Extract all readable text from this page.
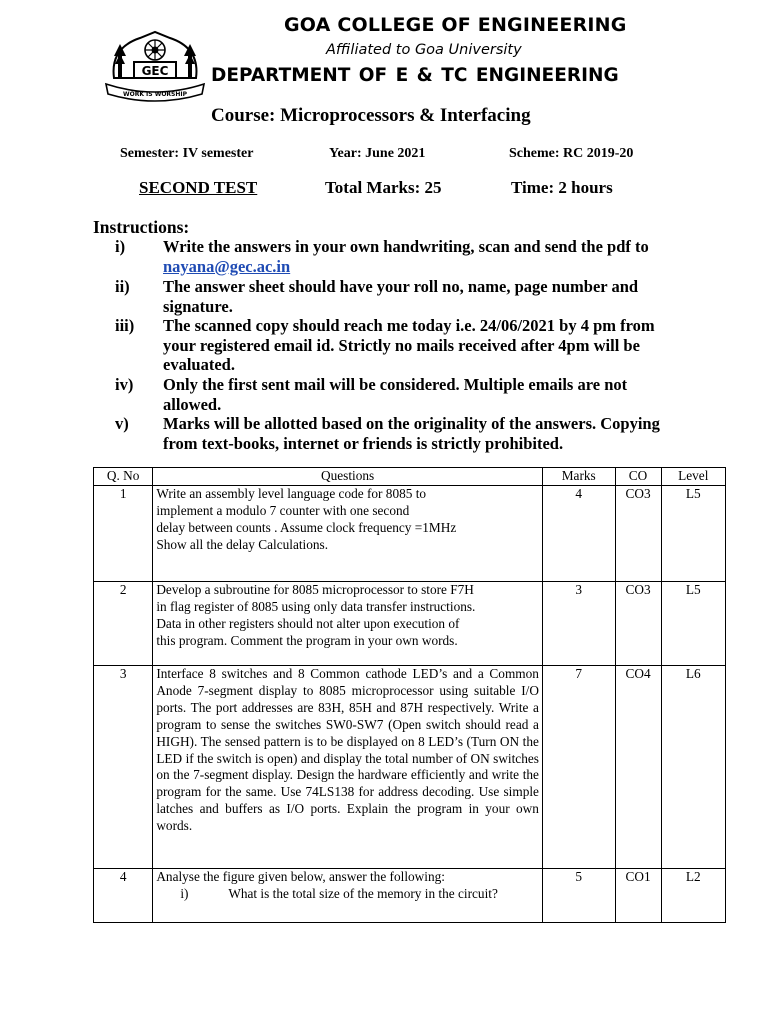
GEC
WORK IS WORSHIP
GOA COLLEGE OF ENGINEERING
Affiliated to Goa University
DEPARTMENT OF E & TC ENGINEERING
Course: Microprocessors & Interfacing
Semester: IV semester	Year: June 2021	Scheme: RC 2019-20
SECOND TEST	Total Marks: 25	Time: 2 hours
Instructions:
i)	Write the answers in your own handwriting, scan and send the pdf to nayana@gec.ac.in
ii)	The answer sheet should have your roll no, name, page number and signature.
iii)	The scanned copy should reach me today i.e. 24/06/2021 by 4 pm from your registered email id. Strictly no mails received after 4pm will be evaluated.
iv)	Only the first sent mail will be considered. Multiple emails are not allowed.
v)	Marks will be allotted based on the originality of the answers. Copying from text-books, internet or friends is strictly prohibited.
Q. No	Questions	Marks	CO	Level
1	Write an assembly level language code for 8085 to
implement a modulo 7 counter with one second
delay between counts . Assume clock frequency =1MHz
Show all the delay Calculations.	4	CO3	L5
2	Develop a subroutine for 8085 microprocessor to store F7H
in flag register of 8085 using only data transfer instructions.
Data in other registers should not alter upon execution of
this program. Comment the program in your own words.	3	CO3	L5
3	Interface 8 switches and 8 Common cathode LED’s and a Common Anode 7-segment display to 8085 microprocessor using suitable I/O ports. The port addresses are 83H, 85H and 87H respectively. Write a program to sense the switches SW0-SW7 (Open switch should read a HIGH). The sensed pattern is to be displayed on 8 LED’s (Turn ON the LED if the switch is open) and display the total number of ON switches on the 7-segment display. Design the hardware efficiently and write the program for the same. Use 74LS138 for address decoding. Use simple latches and buffers as I/O ports. Explain the program in your own words.	7	CO4	L6
4	Analyse the figure given below, answer the following:
i) What is the total size of the memory in the circuit?	5	CO1	L2
